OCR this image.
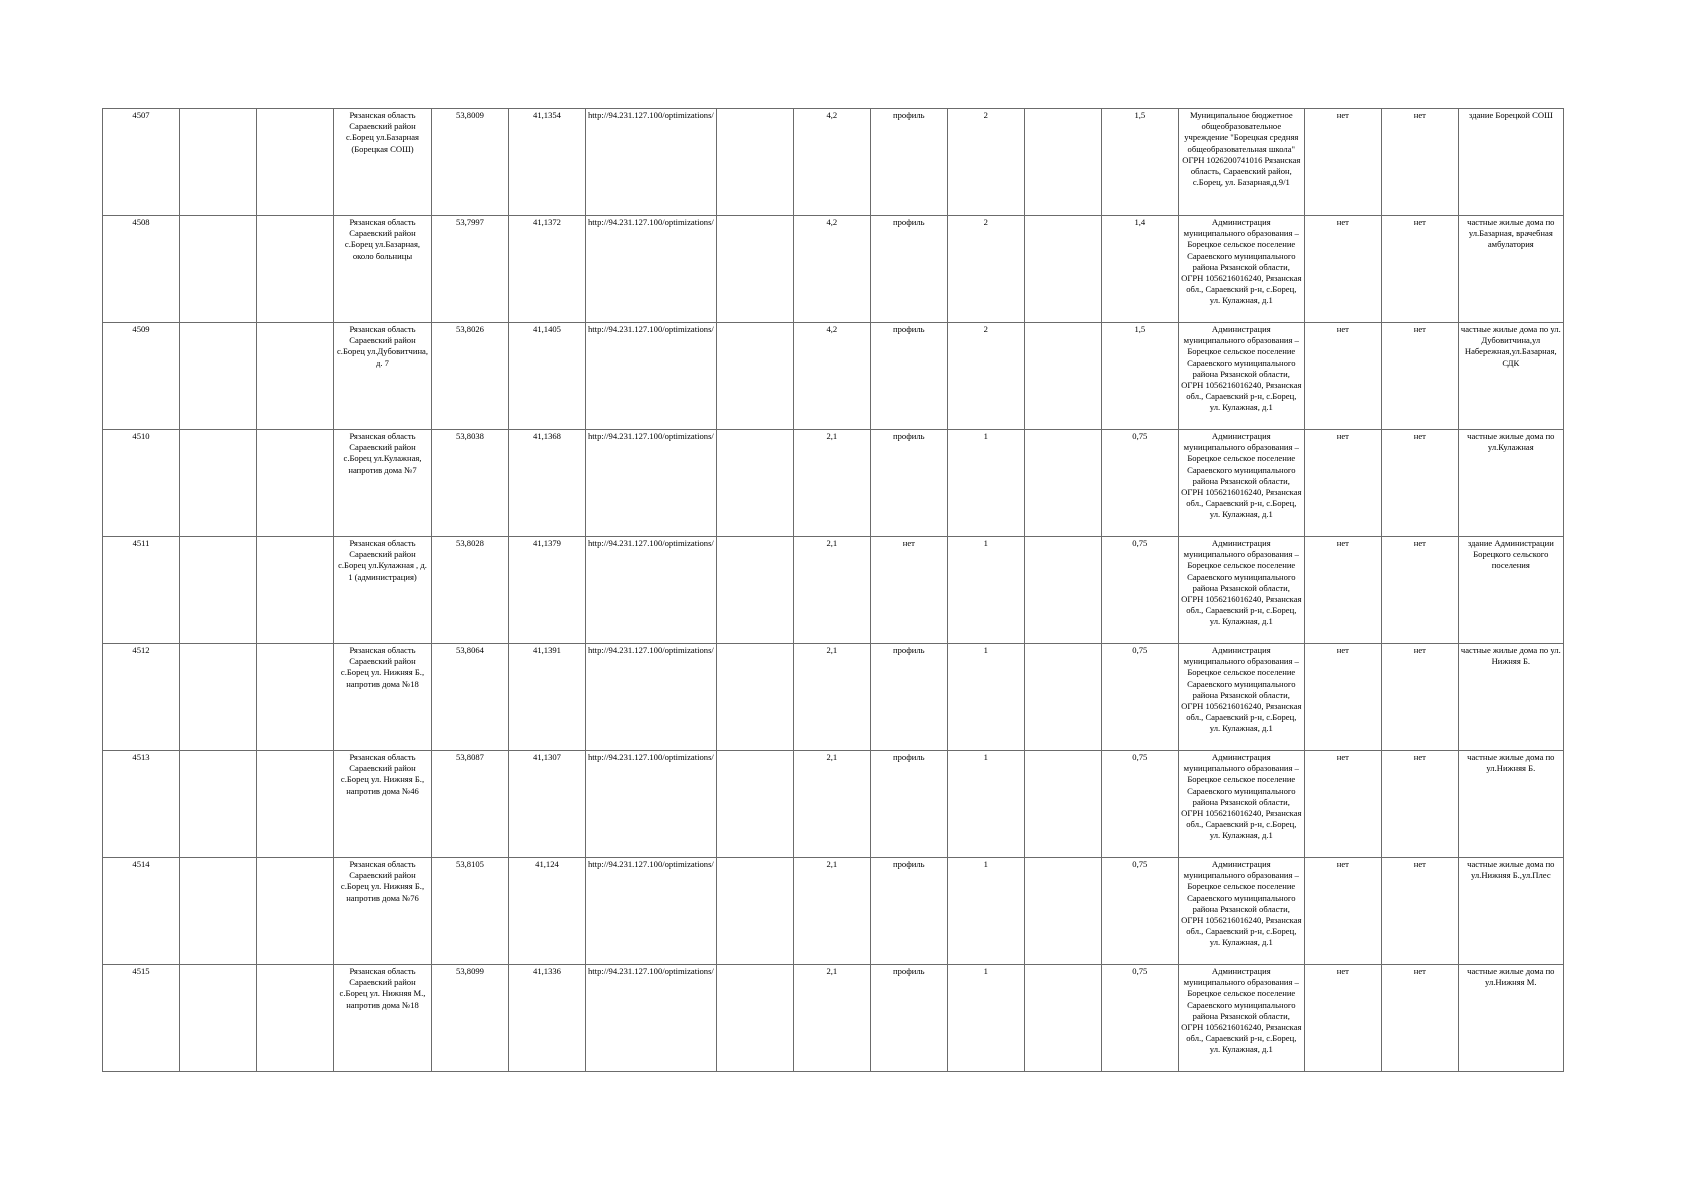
4507			Рязанская область Сараевский район с.Борец ул.Базарная (Борецкая СОШ)	53,8009	41,1354	http://94.231.127.100/optimizations/		4,2	профиль	2		1,5	Муниципальное бюджетное общеобразовательное учреждение "Борецкая средняя общеобразовательная школа" ОГРН 1026200741016 Рязанская область, Сараевский район, с.Борец, ул. Базарная,д.9/1	нет	нет	здание Борецкой СОШ
4508			Рязанская область Сараевский район с.Борец ул.Базарная, около больницы	53,7997	41,1372	http://94.231.127.100/optimizations/		4,2	профиль	2		1,4	Администрация муниципального образования – Борецкое сельское поселение Сараевского муниципального района Рязанской области, ОГРН 1056216016240, Рязанская обл., Сараевский р-н, с.Борец, ул. Кулажная, д.1	нет	нет	частные жилые дома по ул.Базарная, врачебная амбулатория
4509			Рязанская область Сараевский район с.Борец ул.Дубовитчина, д. 7	53,8026	41,1405	http://94.231.127.100/optimizations/		4,2	профиль	2		1,5	Администрация муниципального образования – Борецкое сельское поселение Сараевского муниципального района Рязанской области, ОГРН 1056216016240, Рязанская обл., Сараевский р-н, с.Борец, ул. Кулажная, д.1	нет	нет	частные жилые дома по ул. Дубовитчина,ул Набережная,ул.Базарная, СДК
4510			Рязанская область Сараевский район с.Борец ул.Кулажная, напротив дома №7	53,8038	41,1368	http://94.231.127.100/optimizations/		2,1	профиль	1		0,75	Администрация муниципального образования – Борецкое сельское поселение Сараевского муниципального района Рязанской области, ОГРН 1056216016240, Рязанская обл., Сараевский р-н, с.Борец, ул. Кулажная, д.1	нет	нет	частные жилые дома по ул.Кулажная
4511			Рязанская область Сараевский район с.Борец ул.Кулажная , д. 1 (администрация)	53,8028	41,1379	http://94.231.127.100/optimizations/		2,1	нет	1		0,75	Администрация муниципального образования – Борецкое сельское поселение Сараевского муниципального района Рязанской области, ОГРН 1056216016240, Рязанская обл., Сараевский р-н, с.Борец, ул. Кулажная, д.1	нет	нет	здание Администрации Борецкого сельского поселения
4512			Рязанская область Сараевский район с.Борец ул. Нижняя Б., напротив дома №18	53,8064	41,1391	http://94.231.127.100/optimizations/		2,1	профиль	1		0,75	Администрация муниципального образования – Борецкое сельское поселение Сараевского муниципального района Рязанской области, ОГРН 1056216016240, Рязанская обл., Сараевский р-н, с.Борец, ул. Кулажная, д.1	нет	нет	частные жилые дома по ул. Нижняя Б.
4513			Рязанская область Сараевский район с.Борец ул. Нижняя Б., напротив дома №46	53,8087	41,1307	http://94.231.127.100/optimizations/		2,1	профиль	1		0,75	Администрация муниципального образования – Борецкое сельское поселение Сараевского муниципального района Рязанской области, ОГРН 1056216016240, Рязанская обл., Сараевский р-н, с.Борец, ул. Кулажная, д.1	нет	нет	частные жилые дома по ул.Нижняя Б.
4514			Рязанская область Сараевский район с.Борец ул. Нижняя Б., напротив дома №76	53,8105	41,124	http://94.231.127.100/optimizations/		2,1	профиль	1		0,75	Администрация муниципального образования – Борецкое сельское поселение Сараевского муниципального района Рязанской области, ОГРН 1056216016240, Рязанская обл., Сараевский р-н, с.Борец, ул. Кулажная, д.1	нет	нет	частные жилые дома по ул.Нижняя Б.,ул.Плес
4515			Рязанская область Сараевский район с.Борец ул. Нижняя М., напротив дома №18	53,8099	41,1336	http://94.231.127.100/optimizations/		2,1	профиль	1		0,75	Администрация муниципального образования – Борецкое сельское поселение Сараевского муниципального района Рязанской области, ОГРН 1056216016240, Рязанская обл., Сараевский р-н, с.Борец, ул. Кулажная, д.1	нет	нет	частные жилые дома по ул.Нижняя М.
